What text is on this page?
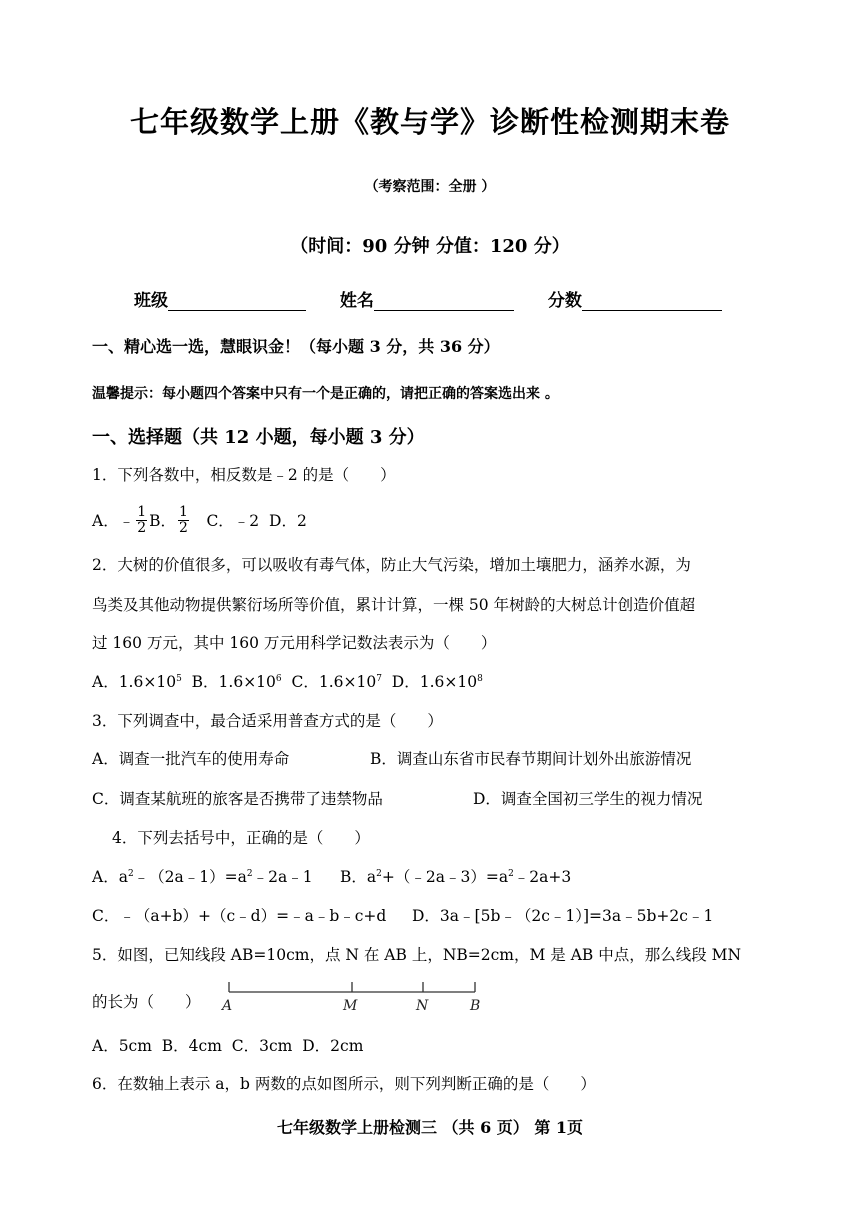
七年级数学上册《教与学》诊断性检测期末卷
（考察范围：全册 ）
（时间：90 分钟 分值：120 分）
班级	姓名	分数
一、精心选一选，慧眼识金！（每小题 3 分，共 36 分）
温馨提示：每小题四个答案中只有一个是正确的，请把正确的答案选出来 。
一、选择题（共 12 小题，每小题 3 分）
1．下列各数中，相反数是﹣2 的是（　　）
A．﹣ $\frac{1}{2}$ B． $\frac{1}{2}$ 　C．﹣2  D．2
2．大树的价值很多，可以吸收有毒气体，防止大气污染，增加土壤肥力，涵养水源，为
鸟类及其他动物提供繁衍场所等价值，累计计算，一棵 50 年树龄的大树总计创造价值超
过 160 万元，其中 160 万元用科学记数法表示为（　　）
A．$1.6\times 10^5$  B．$1.6\times 10^6$  C．$1.6\times 10^7$  D．$1.6\times 10^8$
3．下列调查中，最合适采用普查方式的是（　　）
A．调查一批汽车的使用寿命	B．调查山东省市民春节期间计划外出旅游情况
C．调查某航班的旅客是否携带了违禁物品	D．调查全国初三学生的视力情况
4．下列去括号中，正确的是（　　）
A．$a^2﹣(2a﹣1)=a^2﹣2a﹣1$ B．$a^2+(﹣2a﹣3)=a^2﹣2a+3$
C．﹣（a+b）+（c﹣d）=﹣a﹣b﹣c+d D．3a﹣[5b﹣（2c﹣1）]=3a﹣5b+2c﹣1
5．如图，已知线段 AB=10cm，点 N 在 AB 上，NB=2cm，M 是 AB 中点，那么线段 MN
的长为（　　） A	M	N	B
A．5cm  B．4cm  C．3cm  D．2cm
6．在数轴上表示 a，b 两数的点如图所示，则下列判断正确的是（　　）
七年级数学上册检测三 （共 6 页） 第 1页
